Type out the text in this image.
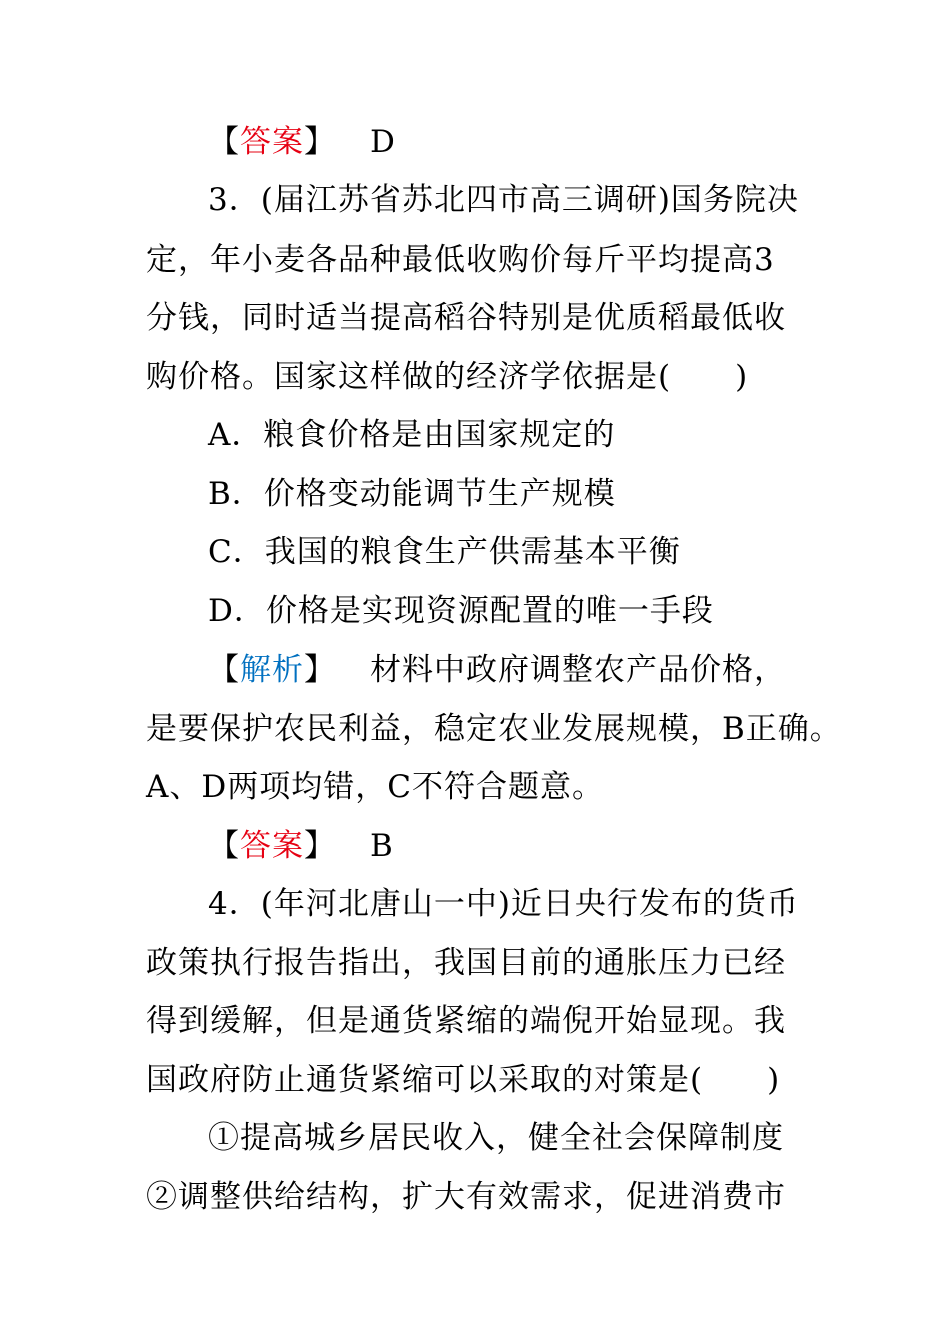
【答案】 D
3．(届江苏省苏北四市高三调研)国务院决
定，年小麦各品种最低收购价每斤平均提高3
分钱，同时适当提高稻谷特别是优质稻最低收
购价格。国家这样做的经济学依据是(　　)
A．粮食价格是由国家规定的
B．价格变动能调节生产规模
C．我国的粮食生产供需基本平衡
D．价格是实现资源配置的唯一手段
【解析】 材料中政府调整农产品价格，
是要保护农民利益，稳定农业发展规模，B正确。
A、D两项均错，C不符合题意。
【答案】 B
4．(年河北唐山一中)近日央行发布的货币
政策执行报告指出，我国目前的通胀压力已经
得到缓解，但是通货紧缩的端倪开始显现。我
国政府防止通货紧缩可以采取的对策是(　　)
①提高城乡居民收入，健全社会保障制度
②调整供给结构，扩大有效需求，促进消费市
